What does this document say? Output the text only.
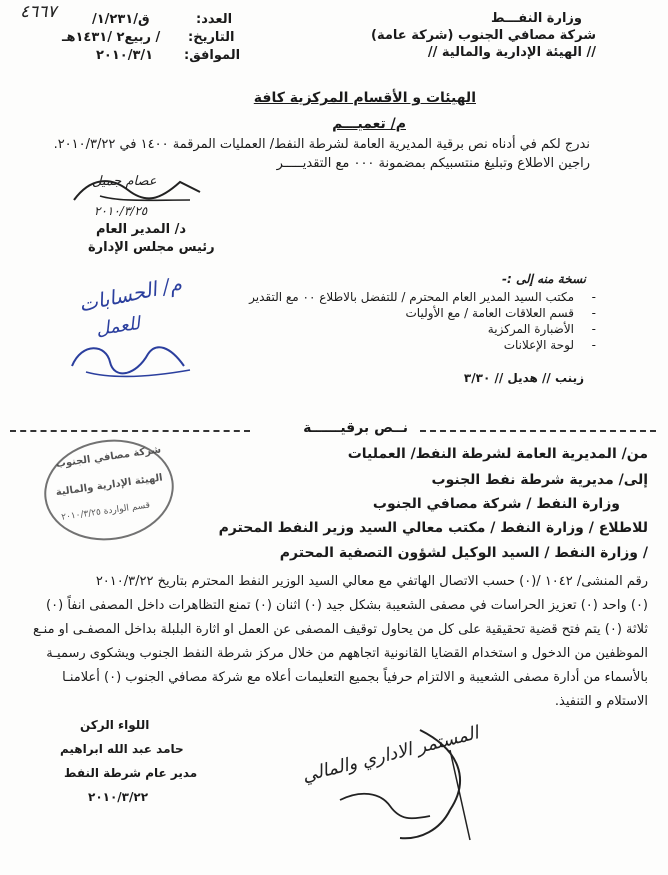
وزارة النفـــط
شركة مصافي الجنوب (شركة عامة)
// الهيئة الإدارية والمالية //
٤٦٦٧	العدد:
ق/١/٢٣١/
التاريخ:
/ ربيع٢ /١٤٣١هـ
الموافق:
٢٠١٠/٣/١
الهيئات و الأقسام المركزية كافة
م/ تعميـــم
ندرج لكم في أدناه نص برقية المديرية العامة لشرطة النفط/ العمليات المرقمة ١٤٠٠ في ٢٠١٠/٣/٢٢.
راجين الاطلاع وتبليغ منتسبيكم بمضمونة ٠٠٠ مع التقديـــــر
عصام جميل
٢٠١٠/٣/٢٥
د/ المدير العام
رئيس مجلس الإدارة
نسخة منه إلى :-
مكتب السيد المدير العام المحترم / للتفضل بالاطلاع ٠٠ مع التقدير
قسم العلاقات العامة / مع الأوليات
الأضبارة المركزية
لوحة الإعلانات
-
-
-
-
م/ الحسابات
للعمل
زينب // هديل // ٣/٣٠
نــص برقيــــــة
من/ المديرية العامة لشرطة النفط/ العمليات
إلى/ مديرية شرطة نفط الجنوب
وزارة النفط / شركة مصافي الجنوب
للاطلاع / وزارة النفط / مكتب معالي السيد وزير النفط المحترم
/ وزارة النفط / السيد الوكيل لشؤون التصفية المحترم
شركة مصافي الجنوب
الهيئة الإدارية والمالية
قسم الواردة ٢٠١٠/٣/٢٥
رقم المنشى/ ١٠٤٢ /(٠) حسب الاتصال الهاتفي مع معالي السيد الوزير النفط المحترم بتاريخ ٢٠١٠/٣/٢٢
(٠) واحد (٠) تعزيز الحراسات في مصفى الشعيبة بشكل جيد (٠) اثنان (٠) تمنع التظاهرات داخل المصفى انفاً (٠)
ثلاثة (٠) يتم فتح قضية تحقيقية على كل من يحاول توقيف المصفى عن العمل او اثارة البلبلة بداخل المصفـى او منـع
الموظفين من الدخول و استخدام القضايا القانونية اتجاههم من خلال مركز شرطة النفط الجنوب ويشكوى رسميـة
بالأسماء من أدارة مصفى الشعيبة و الالتزام حرفياً بجميع التعليمات أعلاه مع شركة مصافي الجنوب (٠) أعلامنـا
الاستلام و التنفيذ.
اللواء الركن
حامد عبد الله ابراهيم
مدير عام شرطة النفط
٢٠١٠/٣/٢٢
المستمر الاداري والمالي
